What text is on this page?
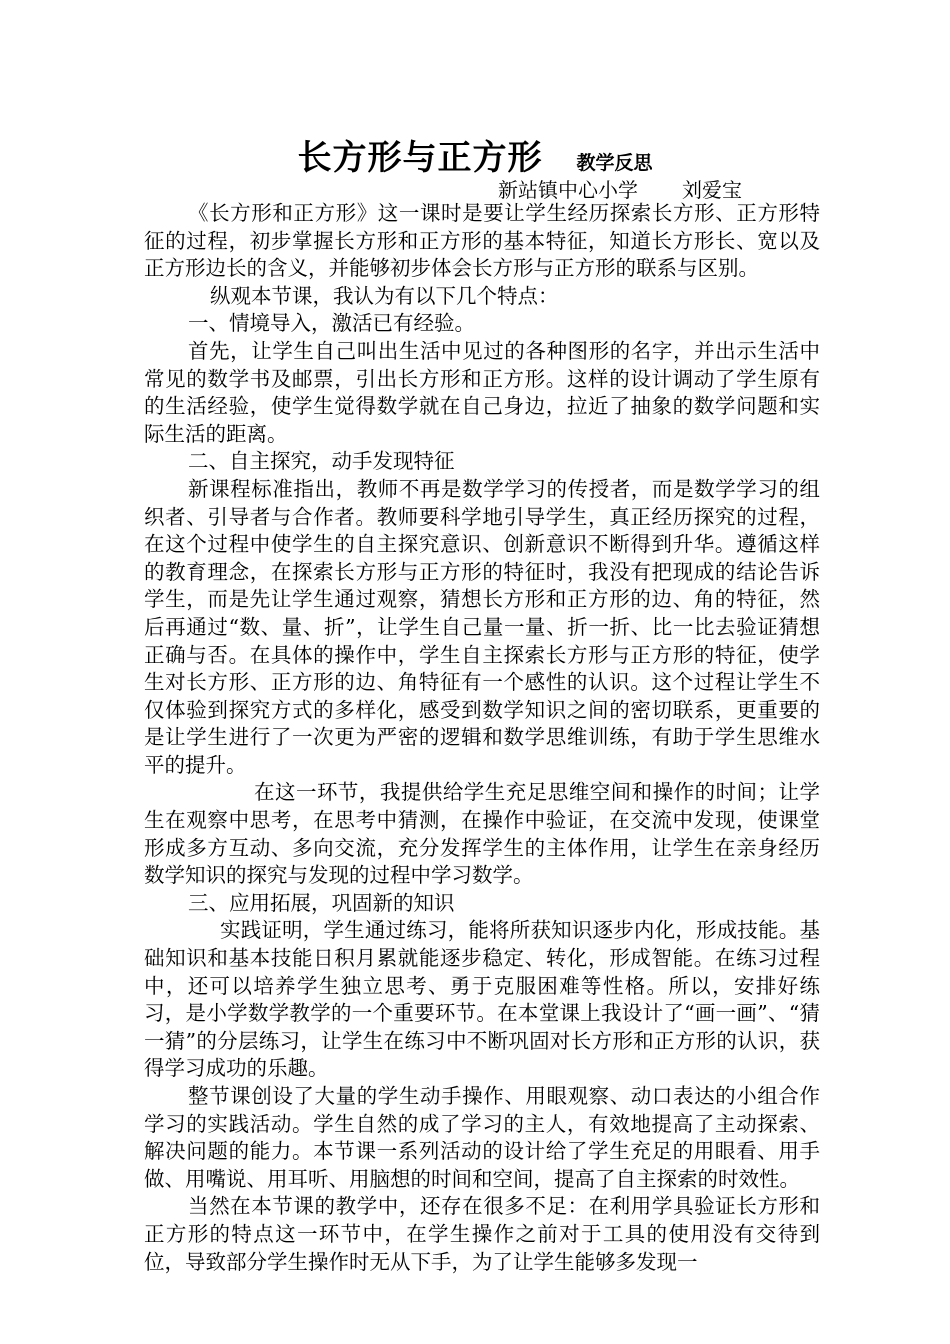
长方形与正方形 教学反思
新站镇中心小学 刘爱宝

《长方形和正方形》这一课时是要让学生经历探索长方形、正方形特征的过程，初步掌握长方形和正方形的基本特征，知道长方形长、宽以及正方形边长的含义，并能够初步体会长方形与正方形的联系与区别。

纵观本节课，我认为有以下几个特点：

一、情境导入，激活已有经验。

首先，让学生自己叫出生活中见过的各种图形的名字，并出示生活中常见的数学书及邮票，引出长方形和正方形。这样的设计调动了学生原有的生活经验，使学生觉得数学就在自己身边，拉近了抽象的数学问题和实际生活的距离。

二、自主探究，动手发现特征

新课程标准指出，教师不再是数学学习的传授者，而是数学学习的组织者、引导者与合作者。教师要科学地引导学生，真正经历探究的过程，在这个过程中使学生的自主探究意识、创新意识不断得到升华。遵循这样的教育理念，在探索长方形与正方形的特征时，我没有把现成的结论告诉学生，而是先让学生通过观察，猜想长方形和正方形的边、角的特征，然后再通过“数、量、折”，让学生自己量一量、折一折、比一比去验证猜想正确与否。在具体的操作中，学生自主探索长方形与正方形的特征，使学生对长方形、正方形的边、角特征有一个感性的认识。这个过程让学生不仅体验到探究方式的多样化，感受到数学知识之间的密切联系，更重要的是让学生进行了一次更为严密的逻辑和数学思维训练，有助于学生思维水平的提升。

在这一环节，我提供给学生充足思维空间和操作的时间；让学生在观察中思考，在思考中猜测，在操作中验证，在交流中发现，使课堂形成多方互动、多向交流，充分发挥学生的主体作用，让学生在亲身经历数学知识的探究与发现的过程中学习数学。

三、应用拓展，巩固新的知识

实践证明，学生通过练习，能将所获知识逐步内化，形成技能。基础知识和基本技能日积月累就能逐步稳定、转化，形成智能。在练习过程中，还可以培养学生独立思考、勇于克服困难等性格。所以，安排好练习，是小学数学教学的一个重要环节。在本堂课上我设计了“画一画”、“猜一猜”的分层练习，让学生在练习中不断巩固对长方形和正方形的认识，获得学习成功的乐趣。

整节课创设了大量的学生动手操作、用眼观察、动口表达的小组合作学习的实践活动。学生自然的成了学习的主人，有效地提高了主动探索、解决问题的能力。本节课一系列活动的设计给了学生充足的用眼看、用手做、用嘴说、用耳听、用脑想的时间和空间，提高了自主探索的时效性。

当然在本节课的教学中，还存在很多不足：在利用学具验证长方形和正方形的特点这一环节中，在学生操作之前对于工具的使用没有交待到位，导致部分学生操作时无从下手，为了让学生能够多发现一
